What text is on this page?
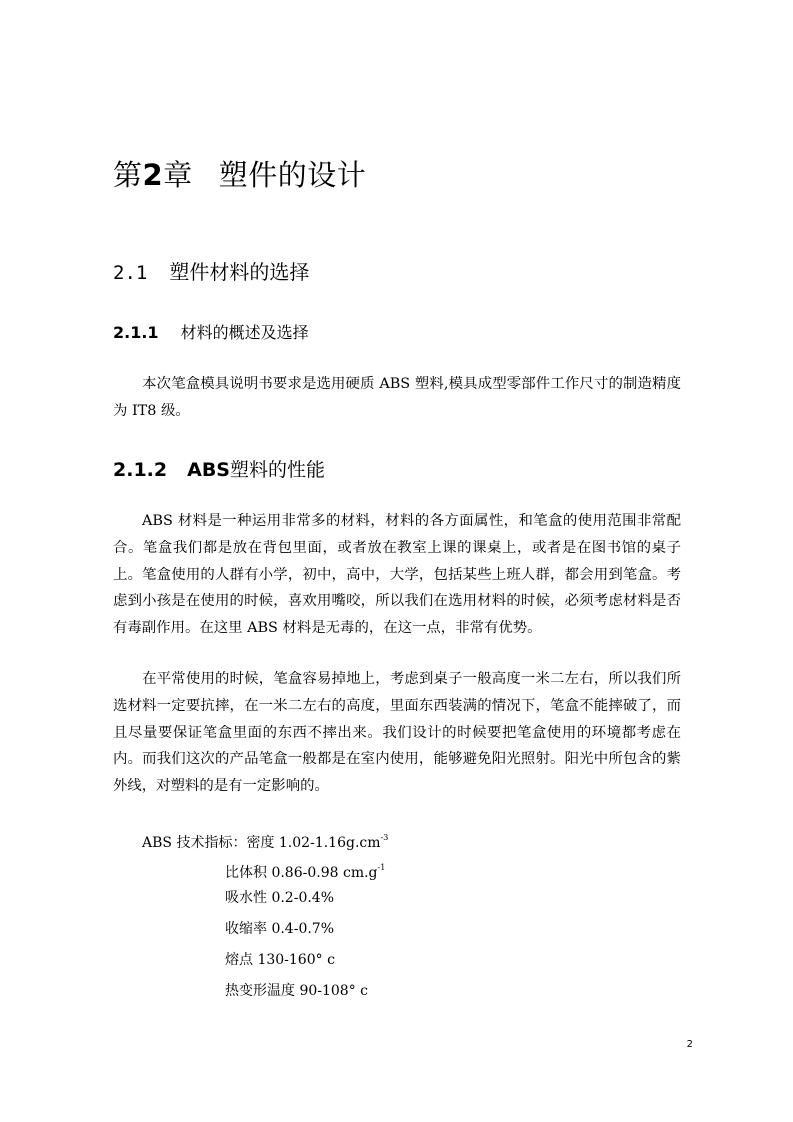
第2章 塑件的设计
2.1 塑件材料的选择
2.1.1 材料的概述及选择

本次笔盒模具说明书要求是选用硬质 ABS 塑料,模具成型零部件工作尺寸的制造精度为 IT8 级。

2.1.2 ABS塑料的性能

ABS 材料是一种运用非常多的材料，材料的各方面属性，和笔盒的使用范围非常配合。笔盒我们都是放在背包里面，或者放在教室上课的课桌上，或者是在图书馆的桌子上。笔盒使用的人群有小学，初中，高中，大学，包括某些上班人群，都会用到笔盒。考虑到小孩是在使用的时候，喜欢用嘴咬，所以我们在选用材料的时候，必须考虑材料是否有毒副作用。在这里 ABS 材料是无毒的，在这一点，非常有优势。

在平常使用的时候，笔盒容易掉地上，考虑到桌子一般高度一米二左右，所以我们所选材料一定要抗摔，在一米二左右的高度，里面东西装满的情况下，笔盒不能摔破了，而且尽量要保证笔盒里面的东西不摔出来。我们设计的时候要把笔盒使用的环境都考虑在内。而我们这次的产品笔盒一般都是在室内使用，能够避免阳光照射。阳光中所包含的紫外线，对塑料的是有一定影响的。

ABS 技术指标：密度 $1.02-1.16g.cm^{-3}$
比体积 0.86-0.98 $cm.g^{-1}$
吸水性 0.2-0.4%
收缩率 0.4-0.7%
熔点 130-160° c
热变形温度 90-108° c
2
